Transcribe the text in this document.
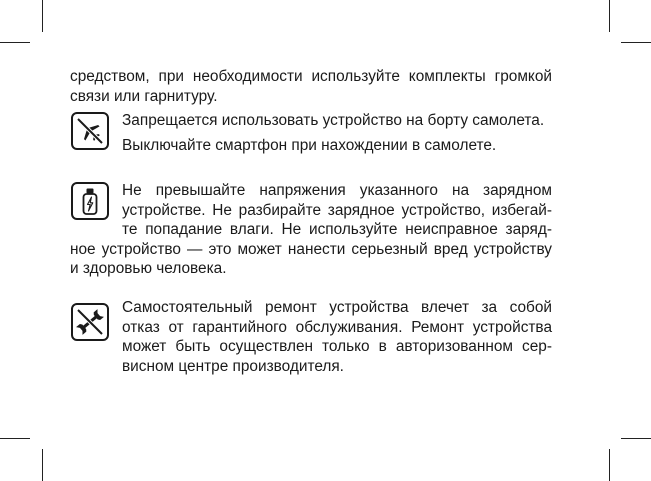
средством, при необходимости используйте комплекты громкой
связи или гарнитуру.
Запрещается использовать устройство на борту самолета.
Выключайте смартфон при нахождении в самолете.
Не превышайте напряжения указанного на зарядном
устройстве. Не разбирайте зарядное устройство, избегай-
те попадание влаги. Не используйте неисправное заряд-
ное устройство — это может нанести серьезный вред устройству
и здоровью человека.
Самостоятельный ремонт устройства влечет за собой
отказ от гарантийного обслуживания. Ремонт устройства
может быть осуществлен только в авторизованном сер-
висном центре производителя.
